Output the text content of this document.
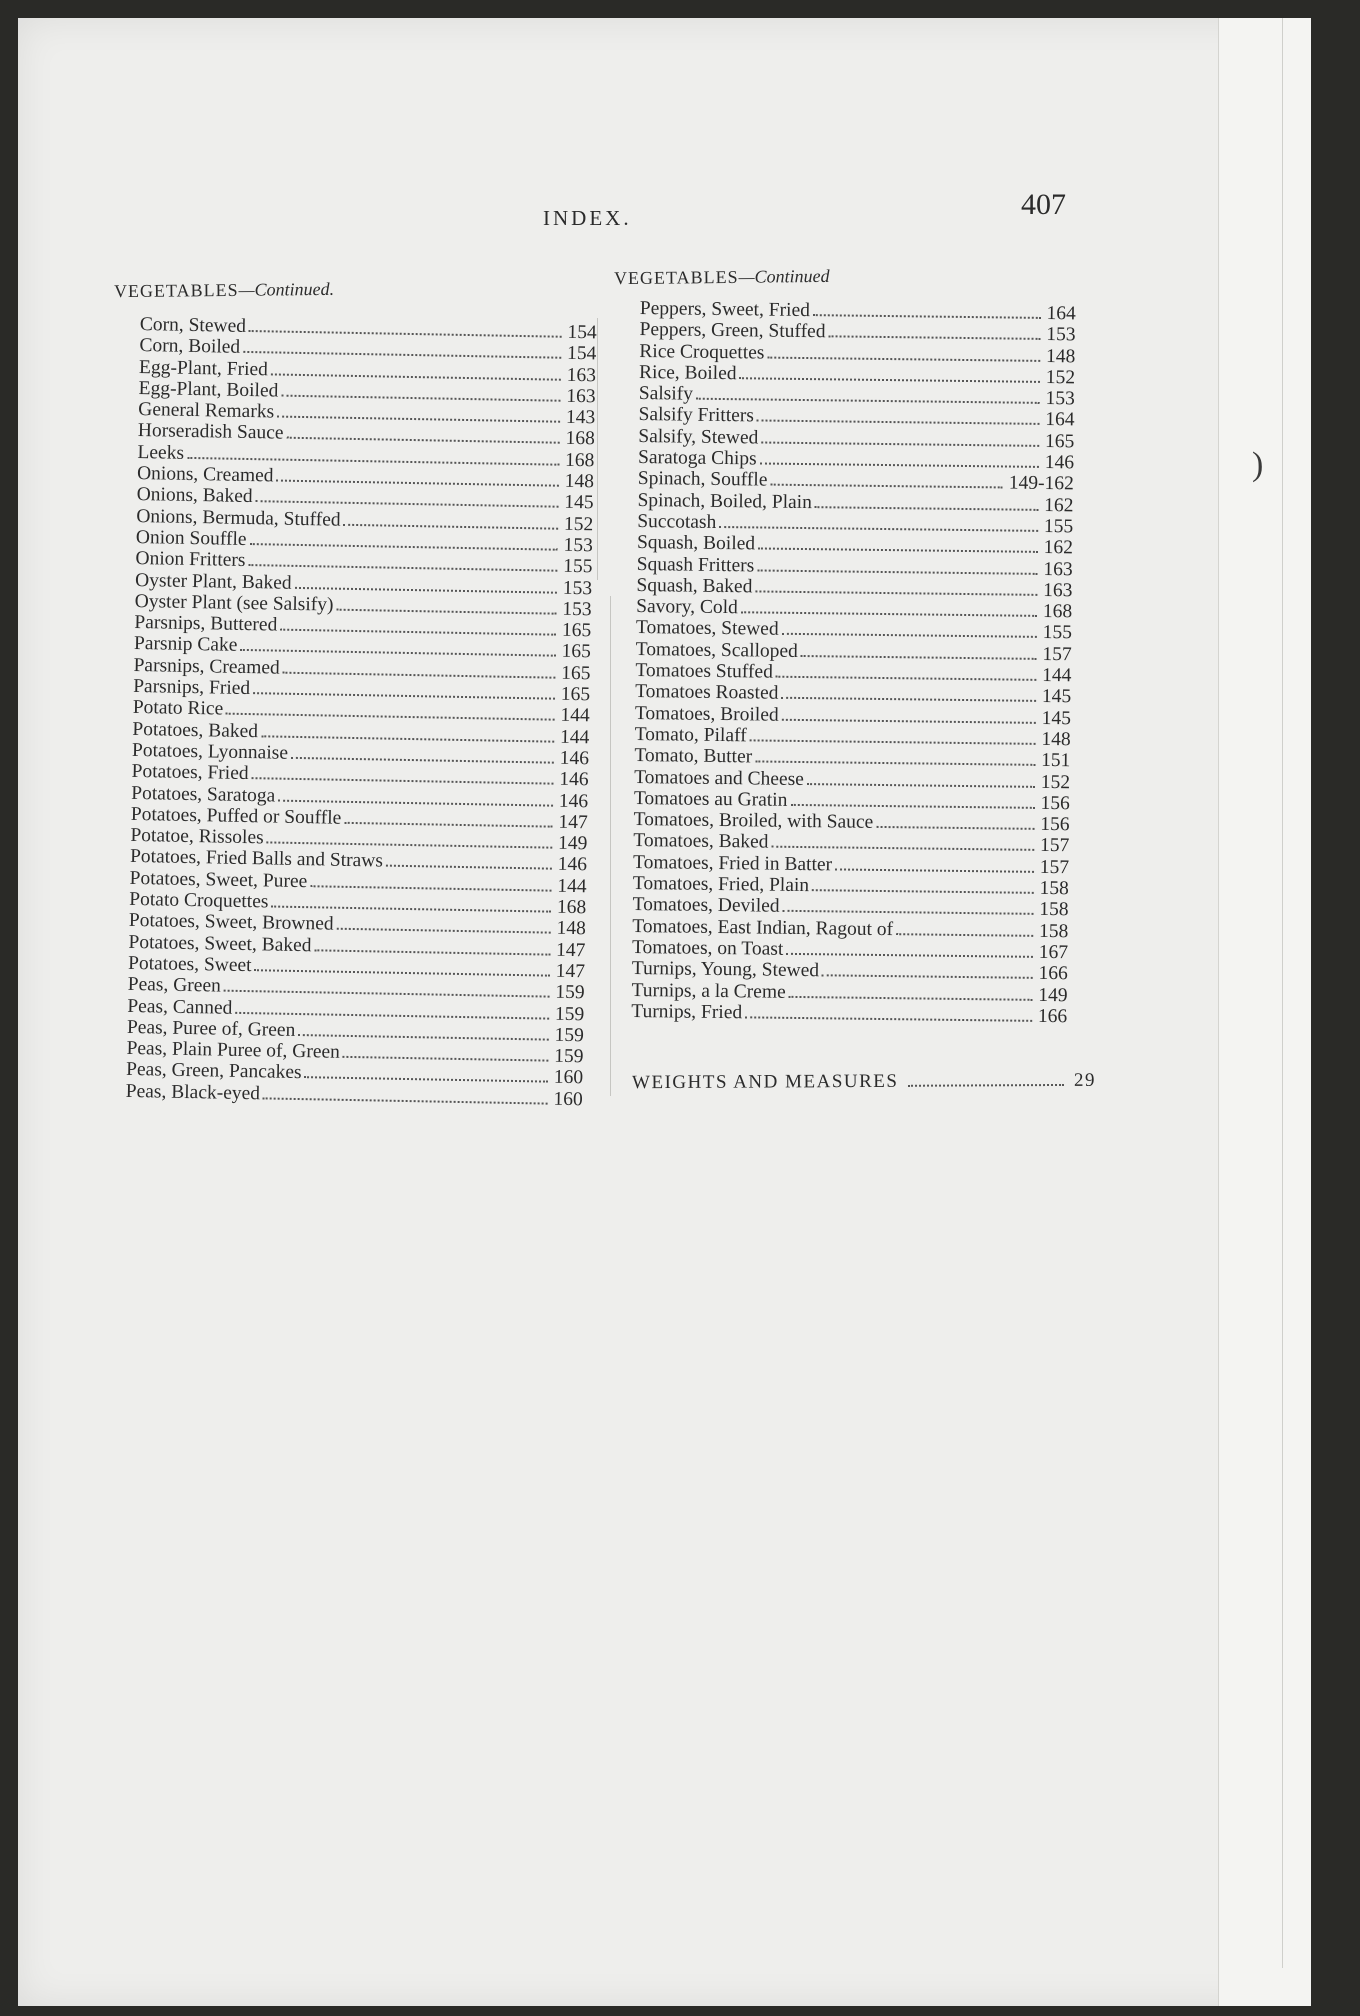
INDEX.	407
VEGETABLES—Continued.
VEGETABLES—Continued
Corn, Stewed	154
Corn, Boiled	154
Egg-Plant, Fried	163
Egg-Plant, Boiled	163
General Remarks	143
Horseradish Sauce	168
Leeks	168
Onions, Creamed	148
Onions, Baked	145
Onions, Bermuda, Stuffed	152
Onion Souffle	153
Onion Fritters	155
Oyster Plant, Baked	153
Oyster Plant (see Salsify)	153
Parsnips, Buttered	165
Parsnip Cake	165
Parsnips, Creamed	165
Parsnips, Fried	165
Potato Rice	144
Potatoes, Baked	144
Potatoes, Lyonnaise	146
Potatoes, Fried	146
Potatoes, Saratoga	146
Potatoes, Puffed or Souffle	147
Potatoe, Rissoles	149
Potatoes, Fried Balls and Straws	146
Potatoes, Sweet, Puree	144
Potato Croquettes	168
Potatoes, Sweet, Browned	148
Potatoes, Sweet, Baked	147
Potatoes, Sweet	147
Peas, Green	159
Peas, Canned	159
Peas, Puree of, Green	159
Peas, Plain Puree of, Green	159
Peas, Green, Pancakes	160
Peas, Black-eyed	160
Peppers, Sweet, Fried	164
Peppers, Green, Stuffed	153
Rice Croquettes	148
Rice, Boiled	152
Salsify	153
Salsify Fritters	164
Salsify, Stewed	165
Saratoga Chips	146
Spinach, Souffle	149-162
Spinach, Boiled, Plain	162
Succotash	155
Squash, Boiled	162
Squash Fritters	163
Squash, Baked	163
Savory, Cold	168
Tomatoes, Stewed	155
Tomatoes, Scalloped	157
Tomatoes Stuffed	144
Tomatoes Roasted	145
Tomatoes, Broiled	145
Tomato, Pilaff	148
Tomato, Butter	151
Tomatoes and Cheese	152
Tomatoes au Gratin	156
Tomatoes, Broiled, with Sauce	156
Tomatoes, Baked	157
Tomatoes, Fried in Batter	157
Tomatoes, Fried, Plain	158
Tomatoes, Deviled	158
Tomatoes, East Indian, Ragout of	158
Tomatoes, on Toast	167
Turnips, Young, Stewed	166
Turnips, a la Creme	149
Turnips, Fried	166
WEIGHTS AND MEASURES	29
)
